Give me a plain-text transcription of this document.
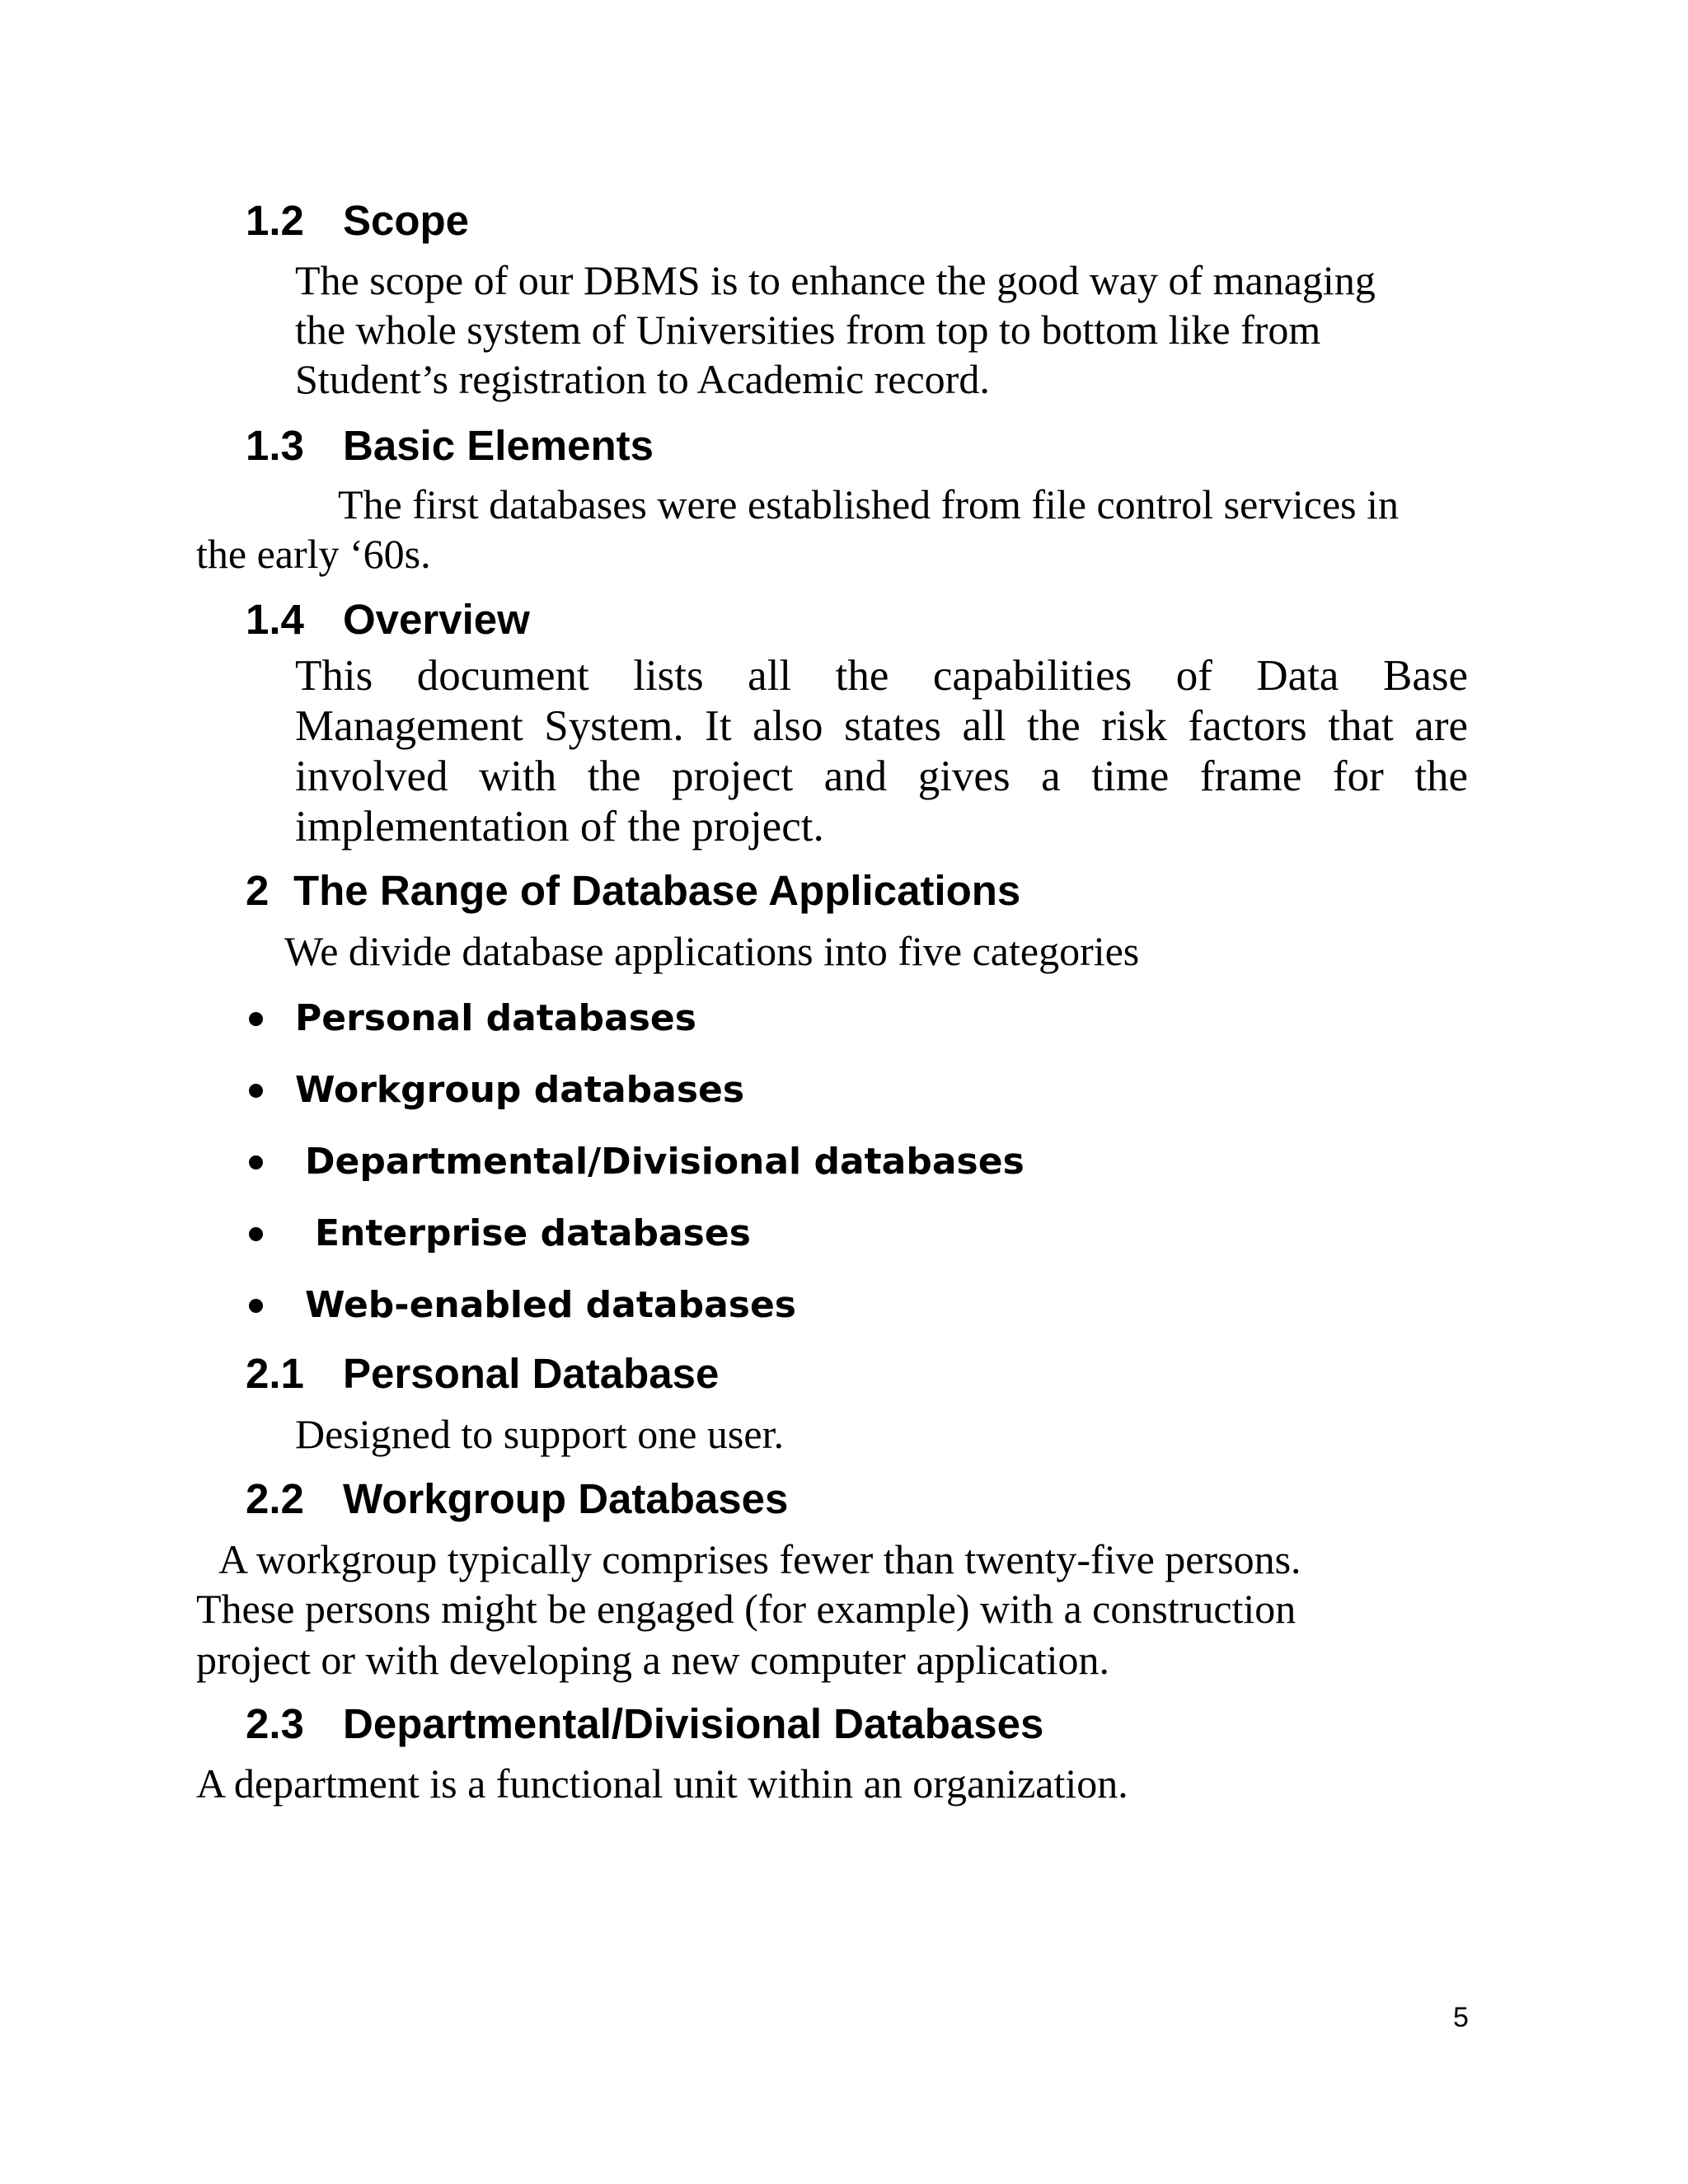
1.2 Scope
The scope of our DBMS is to enhance the good way of managing
the whole system of Universities from top to bottom like from
Student’s registration to Academic record.
1.3 Basic Elements
The first databases were established from file control services in
the early ‘60s.
1.4 Overview
This document lists all the capabilities of Data Base
Management System. It also states all the risk factors that are
involved with the project and gives a time frame for the
implementation of the project.
2 The Range of Database Applications
We divide database applications into five categories
Personal databases
Workgroup databases
Departmental/Divisional databases
Enterprise databases
Web-enabled databases
2.1 Personal Database
Designed to support one user.
2.2 Workgroup Databases
A workgroup typically comprises fewer than twenty-five persons.
These persons might be engaged (for example) with a construction
project or with developing a new computer application.
2.3 Departmental/Divisional Databases
A department is a functional unit within an organization.
5
